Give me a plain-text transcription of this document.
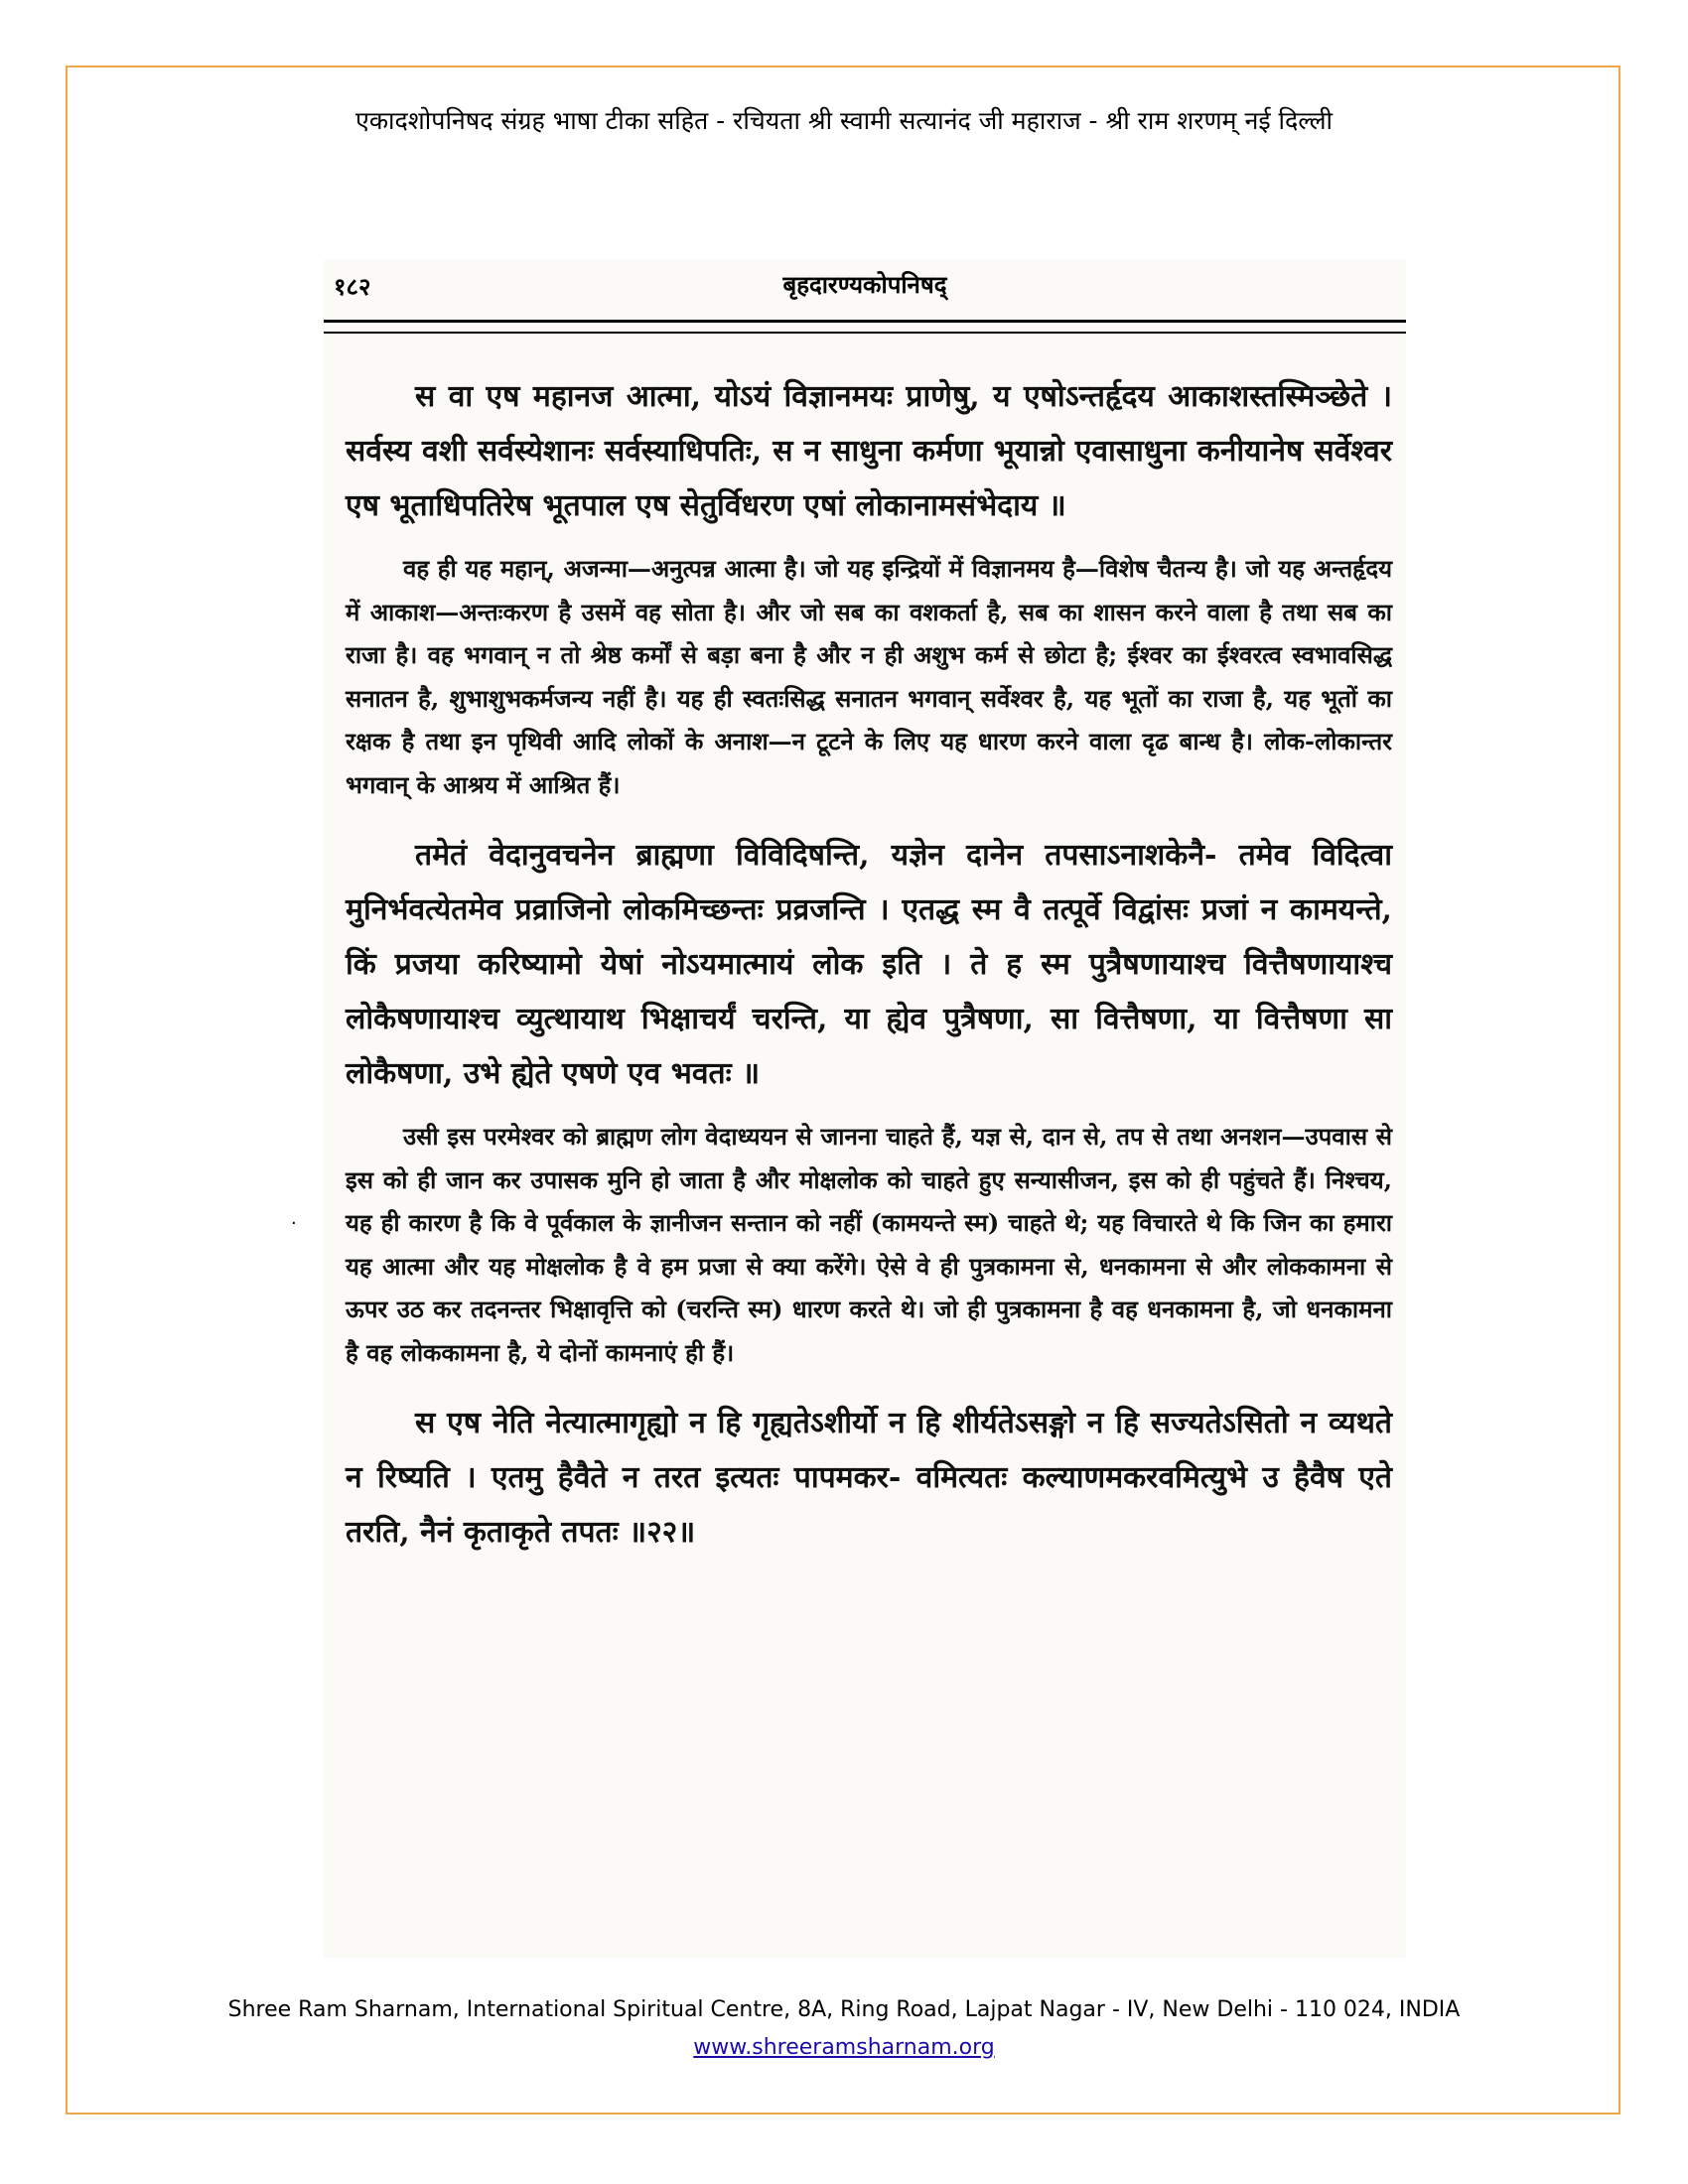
एकादशोपनिषद संग्रह भाषा टीका सहित - रचियता श्री स्वामी सत्यानंद जी महाराज - श्री राम शरणम् नई दिल्ली
१८२	बृहदारण्यकोपनिषद्

स वा एष महानज आत्मा, योऽयं विज्ञानमयः प्राणेषु, य एषोऽन्तर्हृदय आकाशस्तस्मिञ्छेते । सर्वस्य वशी सर्वस्येशानः सर्वस्याधिपतिः, स न साधुना कर्मणा भूयान्नो एवासाधुना कनीयानेष सर्वेश्वर एष भूताधिपतिरेष भूतपाल एष सेतुर्विधरण एषां लोकानामसंभेदाय ॥

वह ही यह महान्, अजन्मा—अनुत्पन्न आत्मा है। जो यह इन्द्रियों में विज्ञानमय है—विशेष चैतन्य है। जो यह अन्तर्हृदय में आकाश—अन्तःकरण है उसमें वह सोता है। और जो सब का वशकर्ता है, सब का शासन करने वाला है तथा सब का राजा है। वह भगवान् न तो श्रेष्ठ कर्मों से बड़ा बना है और न ही अशुभ कर्म से छोटा है; ईश्वर का ईश्वरत्व स्वभावसिद्ध सनातन है, शुभाशुभकर्मजन्य नहीं है। यह ही स्वतःसिद्ध सनातन भगवान् सर्वेश्वर है, यह भूतों का राजा है, यह भूतों का रक्षक है तथा इन पृथिवी आदि लोकों के अनाश—न टूटने के लिए यह धारण करने वाला दृढ बान्ध है। लोक-लोकान्तर भगवान् के आश्रय में आश्रित हैं।

तमेतं वेदानुवचनेन ब्राह्मणा विविदिषन्ति, यज्ञेन दानेन तपसाऽनाशकेनै- तमेव विदित्वा मुनिर्भवत्येतमेव प्रव्राजिनो लोकमिच्छन्तः प्रव्रजन्ति । एतद्ध स्म वै तत्पूर्वे विद्वांसः प्रजां न कामयन्ते, किं प्रजया करिष्यामो येषां नोऽयमात्मायं लोक इति । ते ह स्म पुत्रैषणायाश्च वित्तैषणायाश्च लोकैषणायाश्च व्युत्थायाथ भिक्षाचर्यं चरन्ति, या ह्येव पुत्रैषणा, सा वित्तैषणा, या वित्तैषणा सा लोकैषणा, उभे ह्येते एषणे एव भवतः ॥

उसी इस परमेश्वर को ब्राह्मण लोग वेदाध्ययन से जानना चाहते हैं, यज्ञ से, दान से, तप से तथा अनशन—उपवास से इस को ही जान कर उपासक मुनि हो जाता है और मोक्षलोक को चाहते हुए सन्यासीजन, इस को ही पहुंचते हैं। निश्चय, यह ही कारण है कि वे पूर्वकाल के ज्ञानीजन सन्तान को नहीं (कामयन्ते स्म) चाहते थे; यह विचारते थे कि जिन का हमारा यह आत्मा और यह मोक्षलोक है वे हम प्रजा से क्या करेंगे। ऐसे वे ही पुत्रकामना से, धनकामना से और लोककामना से ऊपर उठ कर तदनन्तर भिक्षावृत्ति को (चरन्ति स्म) धारण करते थे। जो ही पुत्रकामना है वह धनकामना है, जो धनकामना है वह लोककामना है, ये दोनों कामनाएं ही हैं।

स एष नेति नेत्यात्मागृह्यो न हि गृह्यतेऽशीर्यो न हि शीर्यतेऽसङ्गो न हि सज्यतेऽसितो न व्यथते न रिष्यति । एतमु हैवैते न तरत इत्यतः पापमकर- वमित्यतः कल्याणमकरवमित्युभे उ हैवैष एते तरति, नैनं कृताकृते तपतः ॥२२॥

·
Shree Ram Sharnam, International Spiritual Centre, 8A, Ring Road, Lajpat Nagar - IV, New Delhi - 110 024, INDIA
www.shreeramsharnam.org
